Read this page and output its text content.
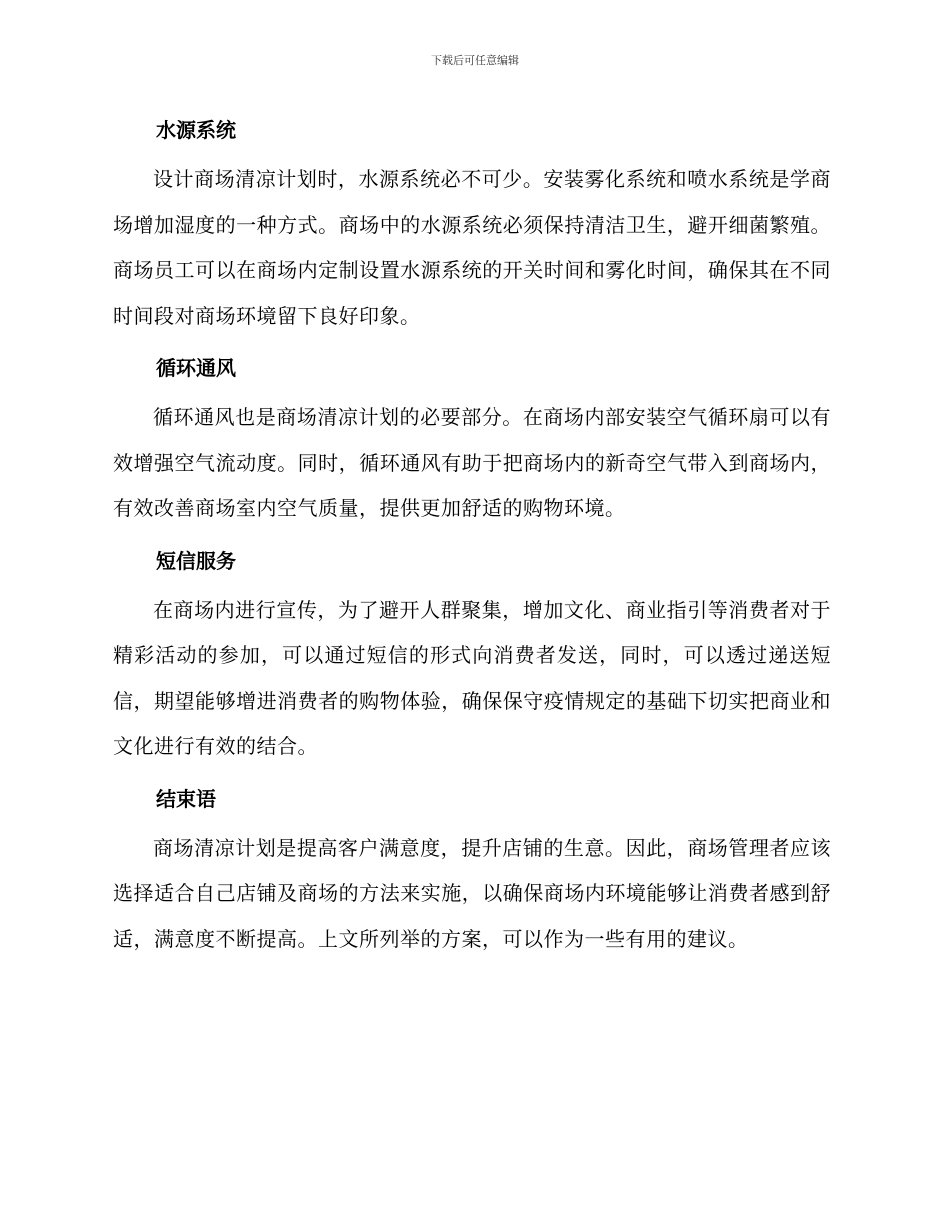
下载后可任意编辑
水源系统

设计商场清凉计划时，水源系统必不可少。安装雾化系统和喷水系统是学商场增加湿度的一种方式。商场中的水源系统必须保持清洁卫生，避开细菌繁殖。商场员工可以在商场内定制设置水源系统的开关时间和雾化时间，确保其在不同时间段对商场环境留下良好印象。

循环通风

循环通风也是商场清凉计划的必要部分。在商场内部安装空气循环扇可以有效增强空气流动度。同时，循环通风有助于把商场内的新奇空气带入到商场内，有效改善商场室内空气质量，提供更加舒适的购物环境。

短信服务

在商场内进行宣传，为了避开人群聚集，增加文化、商业指引等消费者对于精彩活动的参加，可以通过短信的形式向消费者发送，同时，可以透过递送短信，期望能够增进消费者的购物体验，确保保守疫情规定的基础下切实把商业和文化进行有效的结合。

结束语

商场清凉计划是提高客户满意度，提升店铺的生意。因此，商场管理者应该选择适合自己店铺及商场的方法来实施，以确保商场内环境能够让消费者感到舒适，满意度不断提高。上文所列举的方案，可以作为一些有用的建议。
